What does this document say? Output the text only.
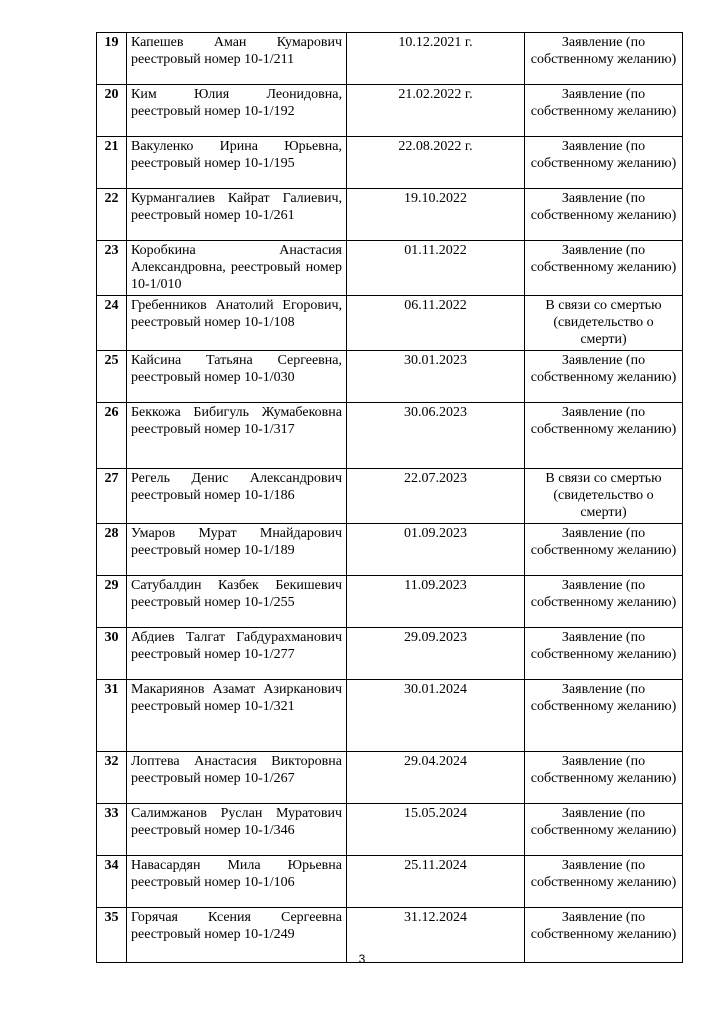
19	Капешев Аман Кумарович реестровый номер 10-1/211	10.12.2021 г.	Заявление (по собственному желанию)
20	Ким Юлия Леонидовна, реестровый номер 10-1/192	21.02.2022 г.	Заявление (по собственному желанию)
21	Вакуленко Ирина Юрьевна, реестровый номер 10-1/195	22.08.2022 г.	Заявление (по собственному желанию)
22	Курмангалиев Кайрат Галиевич, реестровый номер 10-1/261	19.10.2022	Заявление (по собственному желанию)
23	Коробкина Анастасия Александровна, реестровый номер 10-1/010	01.11.2022	Заявление (по собственному желанию)
24	Гребенников Анатолий Егорович, реестровый номер 10-1/108	06.11.2022	В связи со смертью (свидетельство о смерти)
25	Кайсина Татьяна Сергеевна, реестровый номер 10-1/030	30.01.2023	Заявление (по собственному желанию)
26	Беккожа Бибигуль Жумабековна реестровый номер 10-1/317	30.06.2023	Заявление (по собственному желанию)
27	Регель Денис Александрович реестровый номер 10-1/186	22.07.2023	В связи со смертью (свидетельство о смерти)
28	Умаров Мурат Мнайдарович реестровый номер 10-1/189	01.09.2023	Заявление (по собственному желанию)
29	Сатубалдин Казбек Бекишевич реестровый номер 10-1/255	11.09.2023	Заявление (по собственному желанию)
30	Абдиев Талгат Габдурахманович реестровый номер 10-1/277	29.09.2023	Заявление (по собственному желанию)
31	Макариянов Азамат Азирканович реестровый номер 10-1/321	30.01.2024	Заявление (по собственному желанию)
32	Лоптева Анастасия Викторовна реестровый номер 10-1/267	29.04.2024	Заявление (по собственному желанию)
33	Салимжанов Руслан Муратович реестровый номер 10-1/346	15.05.2024	Заявление (по собственному желанию)
34	Навасардян Мила Юрьевна реестровый номер 10-1/106	25.11.2024	Заявление (по собственному желанию)
35	Горячая Ксения Сергеевна реестровый номер 10-1/249	31.12.2024	Заявление (по собственному желанию)
3
